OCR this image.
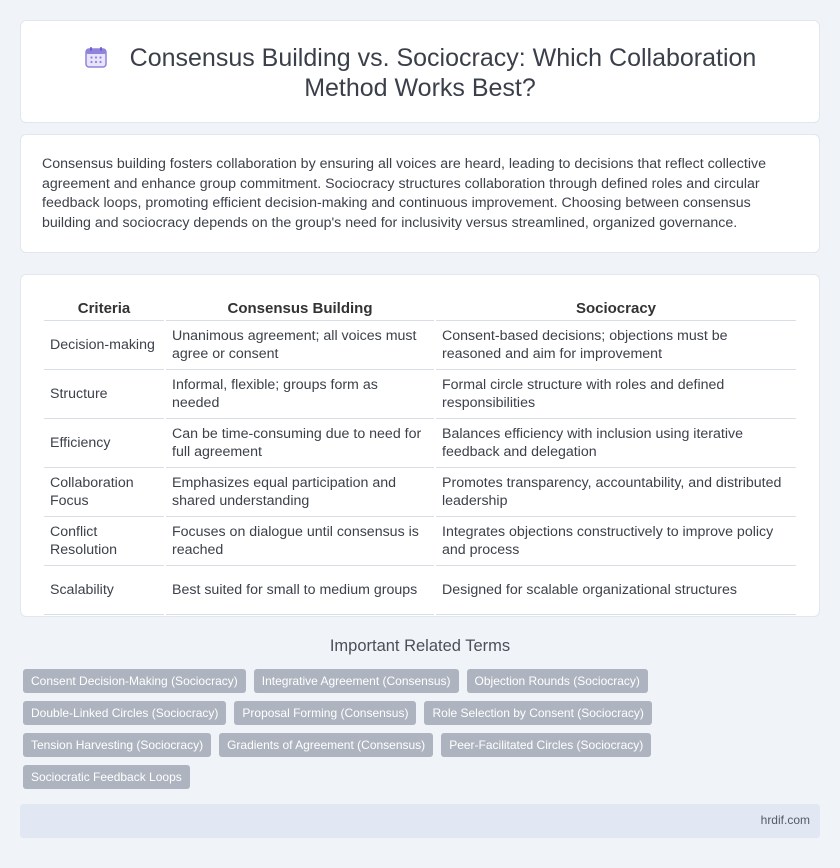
Consensus Building vs. Sociocracy: Which Collaboration Method Works Best?

Consensus building fosters collaboration by ensuring all voices are heard, leading to decisions that reflect collective agreement and enhance group commitment. Sociocracy structures collaboration through defined roles and circular feedback loops, promoting efficient decision-making and continuous improvement. Choosing between consensus building and sociocracy depends on the group's need for inclusivity versus streamlined, organized governance.

Criteria	Consensus Building	Sociocracy
Decision-making	Unanimous agreement; all voices must agree or consent	Consent-based decisions; objections must be reasoned and aim for improvement
Structure	Informal, flexible; groups form as needed	Formal circle structure with roles and defined responsibilities
Efficiency	Can be time-consuming due to need for full agreement	Balances efficiency with inclusion using iterative feedback and delegation
Collaboration Focus	Emphasizes equal participation and shared understanding	Promotes transparency, accountability, and distributed leadership
Conflict Resolution	Focuses on dialogue until consensus is reached	Integrates objections constructively to improve policy and process
Scalability	Best suited for small to medium groups	Designed for scalable organizational structures
Important Related Terms
Consent Decision-Making (Sociocracy)	Integrative Agreement (Consensus)	Objection Rounds (Sociocracy)
Double-Linked Circles (Sociocracy)	Proposal Forming (Consensus)	Role Selection by Consent (Sociocracy)
Tension Harvesting (Sociocracy)	Gradients of Agreement (Consensus)	Peer-Facilitated Circles (Sociocracy)
Sociocratic Feedback Loops
hrdif.com
